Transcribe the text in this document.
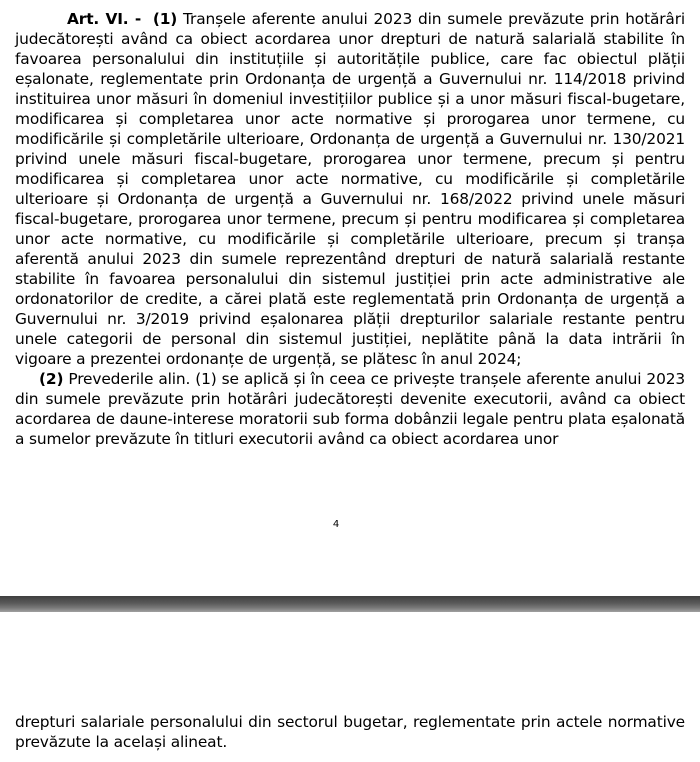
Art. VI. - (1) Tranșele aferente anului 2023 din sumele prevăzute prin hotărâri judecătorești având ca obiect acordarea unor drepturi de natură salarială stabilite în favoarea personalului din instituțiile și autoritățile publice, care fac obiectul plății eșalonate, reglementate prin Ordonanța de urgență a Guvernului nr. 114/2018 privind instituirea unor măsuri în domeniul investițiilor publice și a unor măsuri fiscal-bugetare, modificarea și completarea unor acte normative și prorogarea unor termene, cu modificările și completările ulterioare, Ordonanța de urgență a Guvernului nr. 130/2021 privind unele măsuri fiscal-bugetare, prorogarea unor termene, precum și pentru modificarea și completarea unor acte normative, cu modificările și completările ulterioare și Ordonanța de urgență a Guvernului nr. 168/2022 privind unele măsuri fiscal-bugetare, prorogarea unor termene, precum și pentru modificarea și completarea unor acte normative, cu modificările și completările ulterioare, precum și tranșa aferentă anului 2023 din sumele reprezentând drepturi de natură salarială restante stabilite în favoarea personalului din sistemul justiției prin acte administrative ale ordonatorilor de credite, a cărei plată este reglementată prin Ordonanța de urgență a Guvernului nr. 3/2019 privind eșalonarea plății drepturilor salariale restante pentru unele categorii de personal din sistemul justiției, neplătite până la data intrării în vigoare a prezentei ordonanțe de urgență, se plătesc în anul 2024;

(2) Prevederile alin. (1) se aplică și în ceea ce privește tranșele aferente anului 2023 din sumele prevăzute prin hotărâri judecătorești devenite executorii, având ca obiect acordarea de daune-interese moratorii sub forma dobânzii legale pentru plata eșalonată a sumelor prevăzute în titluri executorii având ca obiect acordarea unor

4

drepturi salariale personalului din sectorul bugetar, reglementate prin actele normative prevăzute la același alineat.
